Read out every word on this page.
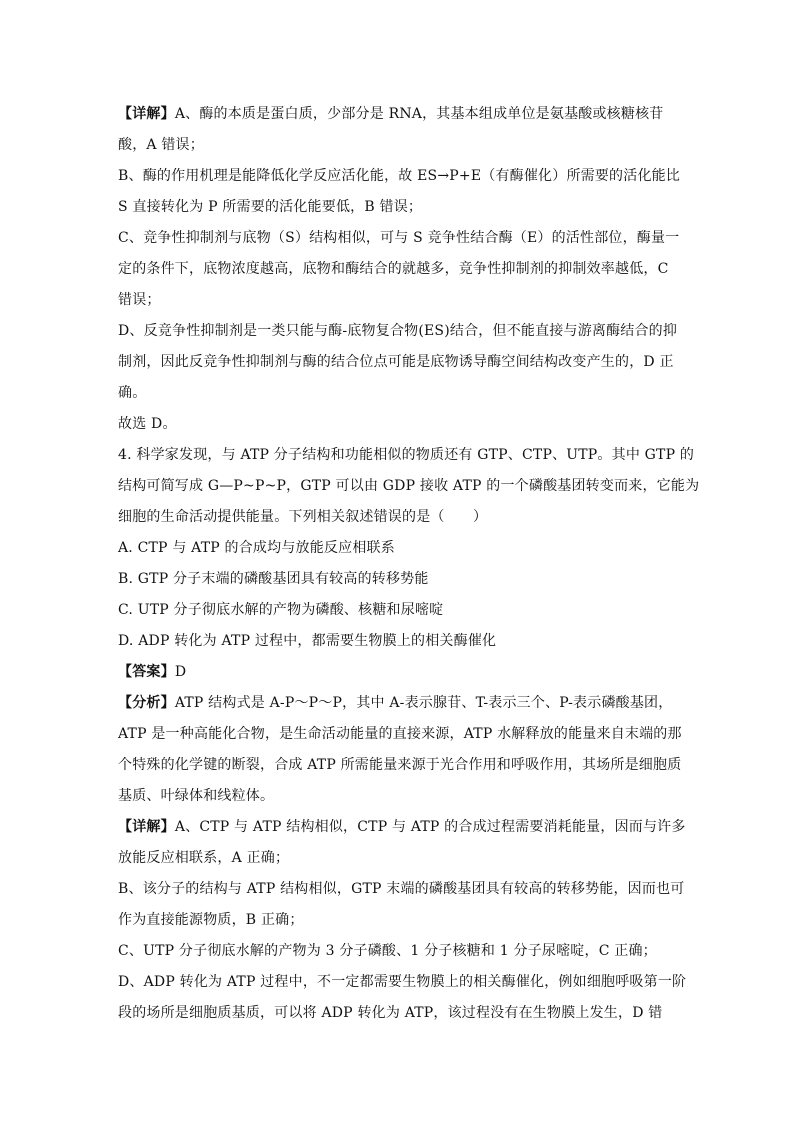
【详解】A、酶的本质是蛋白质，少部分是 RNA，其基本组成单位是氨基酸或核糖核苷
酸，A 错误；
B、酶的作用机理是能降低化学反应活化能，故 ES→P+E（有酶催化）所需要的活化能比
S 直接转化为 P 所需要的活化能要低，B 错误；
C、竞争性抑制剂与底物（S）结构相似，可与 S 竞争性结合酶（E）的活性部位，酶量一
定的条件下，底物浓度越高，底物和酶结合的就越多，竞争性抑制剂的抑制效率越低，C
错误；
D、反竞争性抑制剂是一类只能与酶-底物复合物(ES)结合，但不能直接与游离酶结合的抑
制剂，因此反竞争性抑制剂与酶的结合位点可能是底物诱导酶空间结构改变产生的，D 正
确。
故选 D。
4. 科学家发现，与 ATP 分子结构和功能相似的物质还有 GTP、CTP、UTP。其中 GTP 的
结构可简写成 G—P~P~P，GTP 可以由 GDP 接收 ATP 的一个磷酸基团转变而来，它能为
细胞的生命活动提供能量。下列相关叙述错误的是（　　）
A. CTP 与 ATP 的合成均与放能反应相联系
B. GTP 分子末端的磷酸基团具有较高的转移势能
C. UTP 分子彻底水解的产物为磷酸、核糖和尿嘧啶
D. ADP 转化为 ATP 过程中，都需要生物膜上的相关酶催化
【答案】D
【分析】ATP 结构式是 A-P～P～P，其中 A-表示腺苷、T-表示三个、P-表示磷酸基团，
ATP 是一种高能化合物，是生命活动能量的直接来源，ATP 水解释放的能量来自末端的那
个特殊的化学键的断裂，合成 ATP 所需能量来源于光合作用和呼吸作用，其场所是细胞质
基质、叶绿体和线粒体。
【详解】A、CTP 与 ATP 结构相似，CTP 与 ATP 的合成过程需要消耗能量，因而与许多
放能反应相联系，A 正确；
B、该分子的结构与 ATP 结构相似，GTP 末端的磷酸基团具有较高的转移势能，因而也可
作为直接能源物质，B 正确；
C、UTP 分子彻底水解的产物为 3 分子磷酸、1 分子核糖和 1 分子尿嘧啶，C 正确；
D、ADP 转化为 ATP 过程中，不一定都需要生物膜上的相关酶催化，例如细胞呼吸第一阶
段的场所是细胞质基质，可以将 ADP 转化为 ATP，该过程没有在生物膜上发生，D 错
